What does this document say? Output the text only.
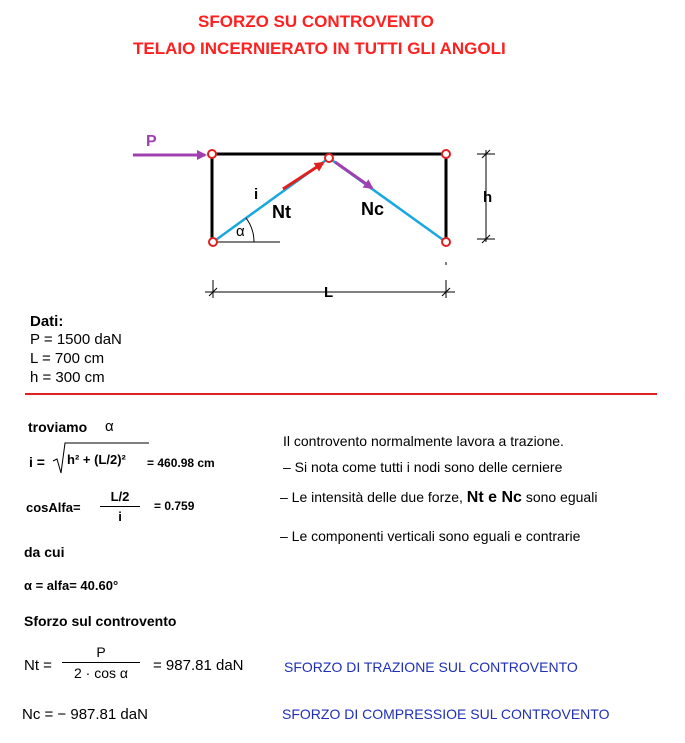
SFORZO SU CONTROVENTO
TELAIO INCERNIERATO IN TUTTI GLI ANGOLI
P
i
Nt	Nc
α
h
L
Dati:
P = 1500 daN
L = 700 cm
h = 300 cm
troviamo α
i = h² + (L/2)² = 460.98 cm
cosAlfa=
L/2
i
= 0.759
da cui
α = alfa= 40.60°
Sforzo sul controvento
Nt =
P
2 · cos α	= 987.81 daN
Nc = − 987.81 daN
Il controvento normalmente lavora a trazione.
– Si nota come tutti i nodi sono delle cerniere
– Le intensità delle due forze, Nt e Nc sono eguali
– Le componenti verticali sono eguali e contrarie
SFORZO DI TRAZIONE SUL CONTROVENTO
SFORZO DI COMPRESSIOE SUL CONTROVENTO
